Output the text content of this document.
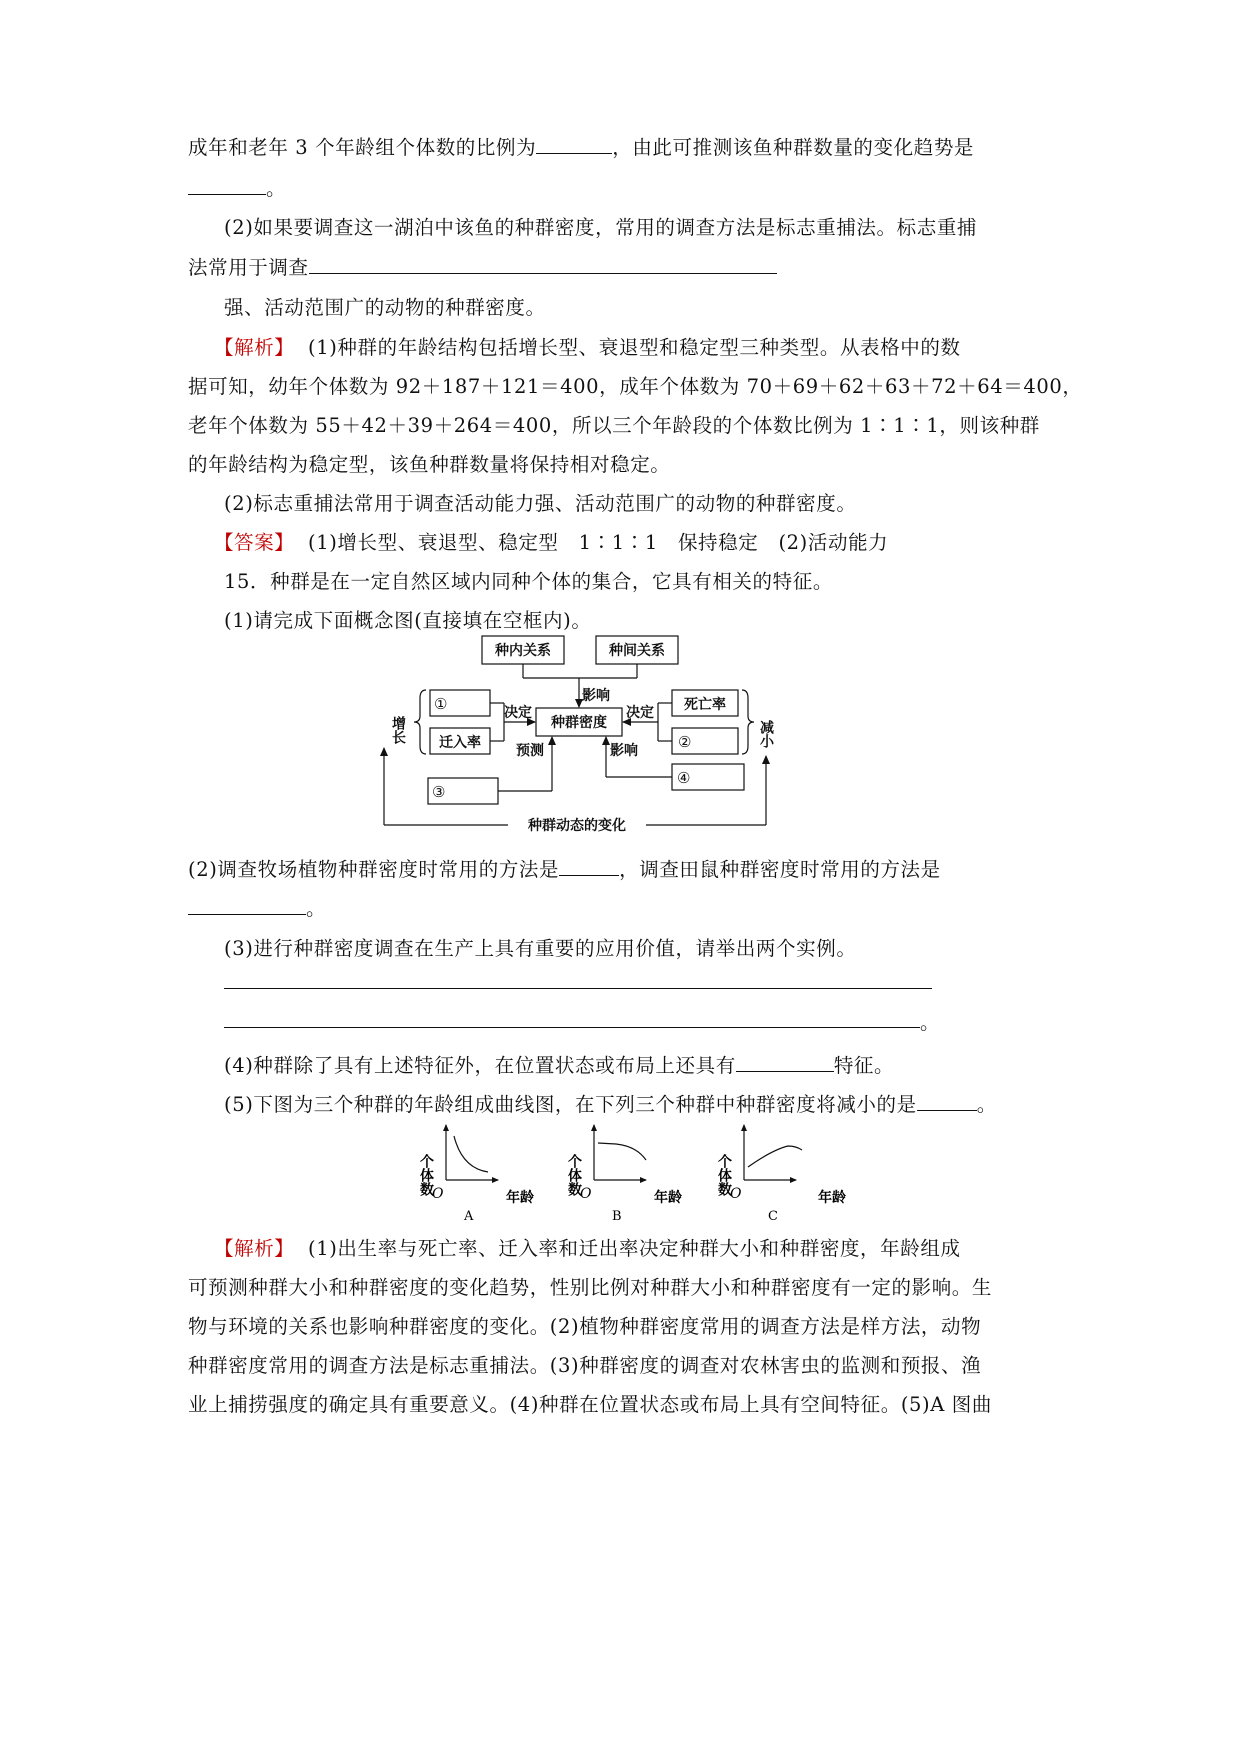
成年和老年 3 个年龄组个体数的比例为	，由此可推测该鱼种群数量的变化趋势是
。
(2)如果要调查这一湖泊中该鱼的种群密度，常用的调查方法是标志重捕法。标志重捕
法常用于调查
强、活动范围广的动物的种群密度。
【解析】 (1)种群的年龄结构包括增长型、衰退型和稳定型三种类型。从表格中的数
据可知，幼年个体数为 92＋187＋121＝400，成年个体数为 70＋69＋62＋63＋72＋64＝400，
老年个体数为 55＋42＋39＋264＝400，所以三个年龄段的个体数比例为 1∶1∶1，则该种群
的年龄结构为稳定型，该鱼种群数量将保持相对稳定。
(2)标志重捕法常用于调查活动能力强、活动范围广的动物的种群密度。
【答案】 (1)增长型、衰退型、稳定型　1∶1∶1　保持稳定　(2)活动能力
15．种群是在一定自然区域内同种个体的集合，它具有相关的特征。
(1)请完成下面概念图(直接填在空框内)。
种内关系	种间关系
种群密度
影响
决定	决定
预测	影响
迁入率
死亡率
种群动态的变化
①
②
③
④
增长	减小
(2)调查牧场植物种群密度时常用的方法是	，调查田鼠种群密度时常用的方法是
。
(3)进行种群密度调查在生产上具有重要的应用价值，请举出两个实例。
。
(4)种群除了具有上述特征外，在位置状态或布局上还具有	特征。
(5)下图为三个种群的年龄组成曲线图，在下列三个种群中种群密度将减小的是	。
个体数
O	年龄
A
个体数
O	年龄
B
个体数
O	年龄
C
【解析】 (1)出生率与死亡率、迁入率和迁出率决定种群大小和种群密度，年龄组成
可预测种群大小和种群密度的变化趋势，性别比例对种群大小和种群密度有一定的影响。生
物与环境的关系也影响种群密度的变化。(2)植物种群密度常用的调查方法是样方法，动物
种群密度常用的调查方法是标志重捕法。(3)种群密度的调查对农林害虫的监测和预报、渔
业上捕捞强度的确定具有重要意义。(4)种群在位置状态或布局上具有空间特征。(5)A 图曲
